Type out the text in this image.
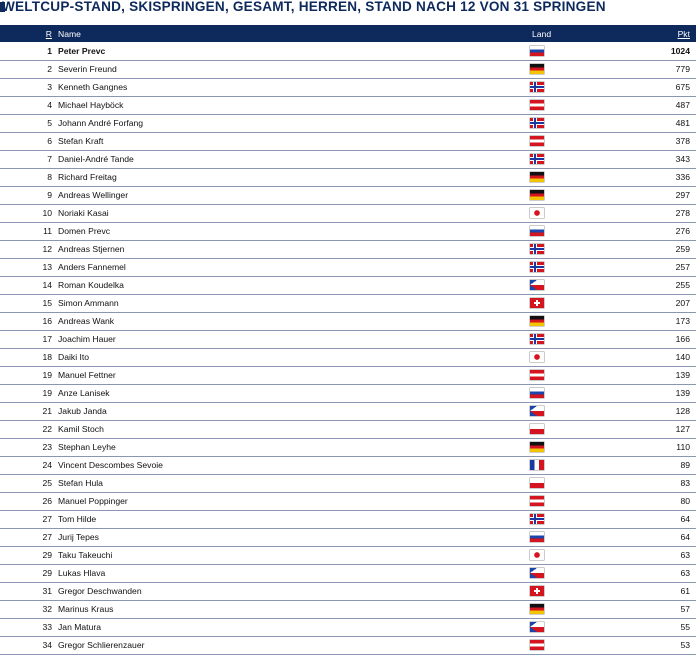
WELTCUP-STAND, SKISPRINGEN, GESAMT, HERREN, STAND NACH 12 VON 31 SPRINGEN
R	Name	Land	Pkt
1	Peter Prevc		1024
2	Severin Freund		779
3	Kenneth Gangnes		675
4	Michael Hayböck		487
5	Johann André Forfang		481
6	Stefan Kraft		378
7	Daniel-André Tande		343
8	Richard Freitag		336
9	Andreas Wellinger		297
10	Noriaki Kasai		278
11	Domen Prevc		276
12	Andreas Stjernen		259
13	Anders Fannemel		257
14	Roman Koudelka		255
15	Simon Ammann		207
16	Andreas Wank		173
17	Joachim Hauer		166
18	Daiki Ito		140
19	Manuel Fettner		139
19	Anze Lanisek		139
21	Jakub Janda		128
22	Kamil Stoch		127
23	Stephan Leyhe		110
24	Vincent Descombes Sevoie		89
25	Stefan Hula		83
26	Manuel Poppinger		80
27	Tom Hilde		64
27	Jurij Tepes		64
29	Taku Takeuchi		63
29	Lukas Hlava		63
31	Gregor Deschwanden		61
32	Marinus Kraus		57
33	Jan Matura		55
34	Gregor Schlierenzauer		53
